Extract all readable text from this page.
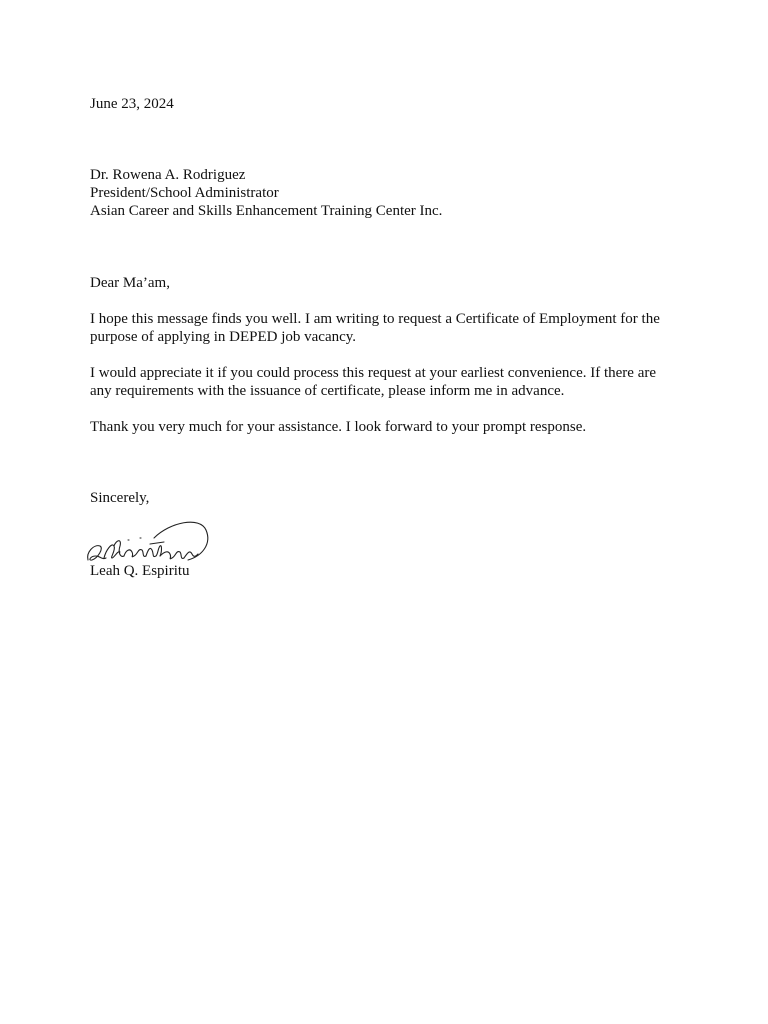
June 23, 2024

Dr. Rowena A. Rodriguez

President/School Administrator

Asian Career and Skills Enhancement Training Center Inc.

Dear Ma’am,

I hope this message finds you well. I am writing to request a Certificate of Employment for the purpose of applying in DEPED job vacancy.

I would appreciate it if you could process this request at your earliest convenience. If there are any requirements with the issuance of certificate, please inform me in advance.

Thank you very much for your assistance. I look forward to your prompt response.

Sincerely,

Leah Q. Espiritu
